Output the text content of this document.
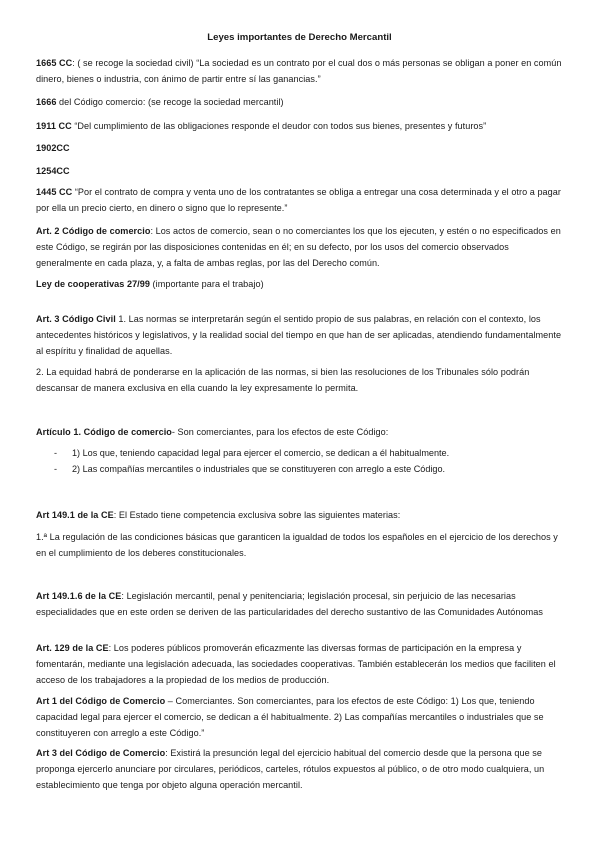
Leyes importantes de Derecho Mercantil

1665 CC: ( se recoge la sociedad civil) “La sociedad es un contrato por el cual dos o más personas se obligan a poner en común dinero, bienes o industria, con ánimo de partir entre sí las ganancias.”

1666 del Código comercio: (se recoge la sociedad mercantil)

1911 CC “Del cumplimiento de las obligaciones responde el deudor con todos sus bienes, presentes y futuros”

1902CC

1254CC

1445 CC “Por el contrato de compra y venta uno de los contratantes se obliga a entregar una cosa determinada y el otro a pagar por ella un precio cierto, en dinero o signo que lo represente.”

Art. 2 Código de comercio: Los actos de comercio, sean o no comerciantes los que los ejecuten, y estén o no especificados en este Código, se regirán por las disposiciones contenidas en él; en su defecto, por los usos del comercio observados generalmente en cada plaza, y, a falta de ambas reglas, por las del Derecho común.

Ley de cooperativas 27/99 (importante para el trabajo)

Art. 3 Código Civil 1. Las normas se interpretarán según el sentido propio de sus palabras, en relación con el contexto, los antecedentes históricos y legislativos, y la realidad social del tiempo en que han de ser aplicadas, atendiendo fundamentalmente al espíritu y finalidad de aquellas.

2. La equidad habrá de ponderarse en la aplicación de las normas, si bien las resoluciones de los Tribunales sólo podrán descansar de manera exclusiva en ella cuando la ley expresamente lo permita.

Artículo 1. Código de comercio- Son comerciantes, para los efectos de este Código:

- 1) Los que, teniendo capacidad legal para ejercer el comercio, se dedican a él habitualmente.
- 2) Las compañías mercantiles o industriales que se constituyeren con arreglo a este Código.

Art 149.1 de la CE: El Estado tiene competencia exclusiva sobre las siguientes materias:

1.ª La regulación de las condiciones básicas que garanticen la igualdad de todos los españoles en el ejercicio de los derechos y en el cumplimiento de los deberes constitucionales.

Art 149.1.6 de la CE: Legislación mercantil, penal y penitenciaria; legislación procesal, sin perjuicio de las necesarias especialidades que en este orden se deriven de las particularidades del derecho sustantivo de las Comunidades Autónomas

Art. 129 de la CE: Los poderes públicos promoverán eficazmente las diversas formas de participación en la empresa y fomentarán, mediante una legislación adecuada, las sociedades cooperativas. También establecerán los medios que faciliten el acceso de los trabajadores a la propiedad de los medios de producción.

Art 1 del Código de Comercio – Comerciantes. Son comerciantes, para los efectos de este Código: 1) Los que, teniendo capacidad legal para ejercer el comercio, se dedican a él habitualmente. 2) Las compañías mercantiles o industriales que se constituyeren con arreglo a este Código.”

Art 3 del Código de Comercio: Existirá la presunción legal del ejercicio habitual del comercio desde que la persona que se proponga ejercerlo anunciare por circulares, periódicos, carteles, rótulos expuestos al público, o de otro modo cualquiera, un establecimiento que tenga por objeto alguna operación mercantil.
